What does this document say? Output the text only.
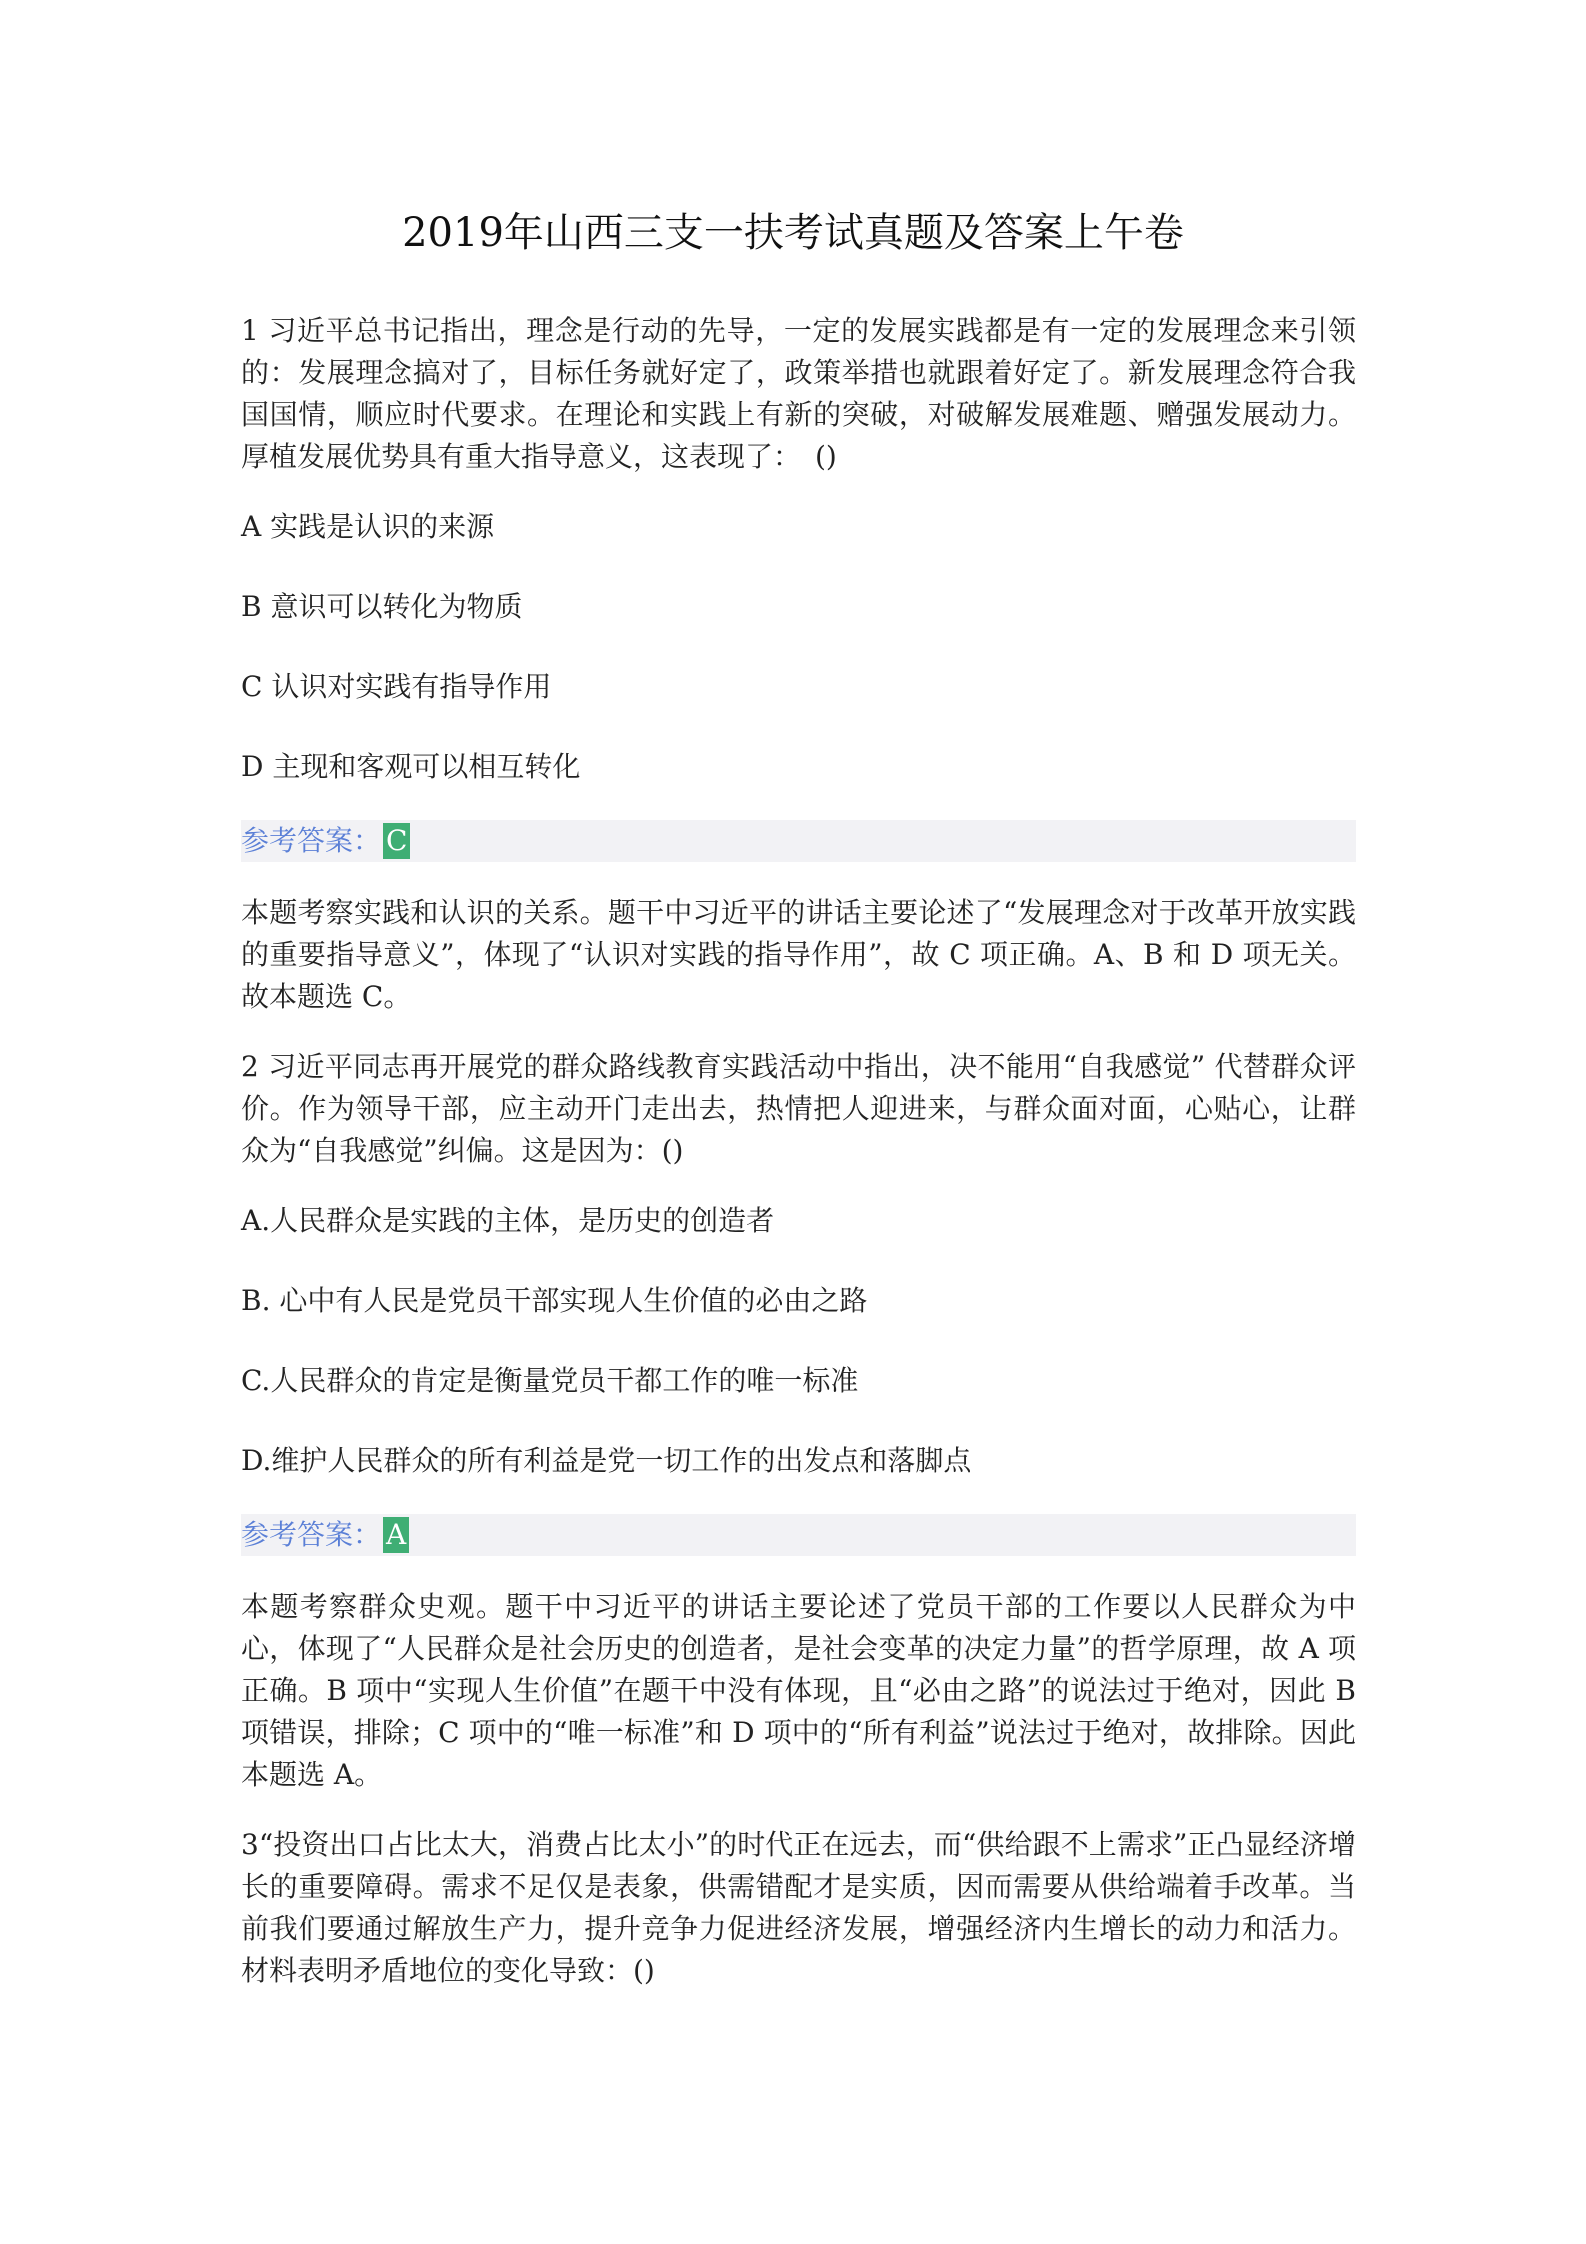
2019年山西三支一扶考试真题及答案上午卷

1 习近平总书记指出，理念是行动的先导，一定的发展实践都是有一定的发展理念来引领的：发展理念搞对了，目标任务就好定了，政策举措也就跟着好定了。新发展理念符合我国国情，顺应时代要求。在理论和实践上有新的突破，对破解发展难题、赠强发展动力。厚植发展优势具有重大指导意义，这表现了：　()

A 实践是认识的来源

B 意识可以转化为物质

C 认识对实践有指导作用

D 主现和客观可以相互转化

参考答案： C

本题考察实践和认识的关系。题干中习近平的讲话主要论述了“发展理念对于改革开放实践的重要指导意义”，体现了“认识对实践的指导作用”，故 C 项正确。A、B 和 D 项无关。故本题选 C。

2 习近平同志再开展党的群众路线教育实践活动中指出，决不能用“自我感觉” 代替群众评价。作为领导干部，应主动开门走出去，热情把人迎进来，与群众面对面，心贴心，让群众为“自我感觉”纠偏。这是因为：()

A.人民群众是实践的主体，是历史的创造者

B. 心中有人民是党员干部实现人生价值的必由之路

C.人民群众的肯定是衡量党员干都工作的唯一标准

D.维护人民群众的所有利益是党一切工作的出发点和落脚点

参考答案： A

本题考察群众史观。题干中习近平的讲话主要论述了党员干部的工作要以人民群众为中心，体现了“人民群众是社会历史的创造者，是社会变革的决定力量”的哲学原理，故 A 项正确。B 项中“实现人生价值”在题干中没有体现，且“必由之路”的说法过于绝对，因此 B 项错误，排除；C 项中的“唯一标准”和 D 项中的“所有利益”说法过于绝对，故排除。因此本题选 A。

3“投资出口占比太大，消费占比太小”的时代正在远去，而“供给跟不上需求”正凸显经济增长的重要障碍。需求不足仅是表象，供需错配才是实质，因而需要从供给端着手改革。当前我们要通过解放生产力，提升竞争力促进经济发展，增强经济内生增长的动力和活力。材料表明矛盾地位的变化导致：()
